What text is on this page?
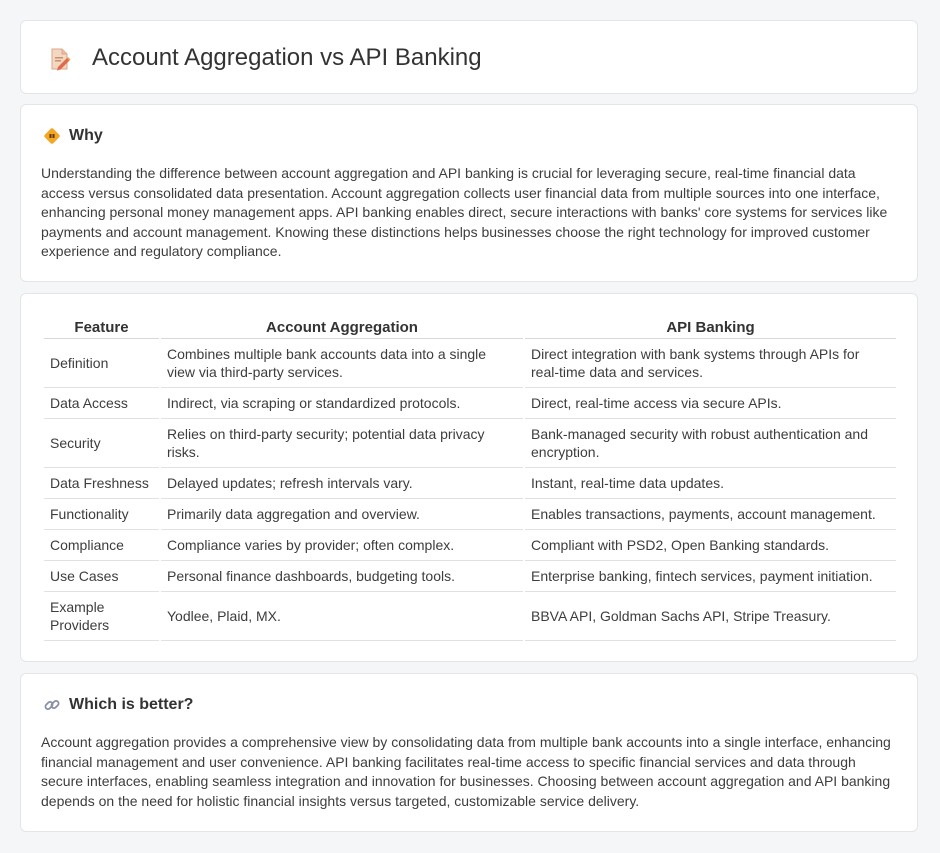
Account Aggregation vs API Banking
Why

Understanding the difference between account aggregation and API banking is crucial for leveraging secure, real-time financial data access versus consolidated data presentation. Account aggregation collects user financial data from multiple sources into one interface, enhancing personal money management apps. API banking enables direct, secure interactions with banks' core systems for services like payments and account management. Knowing these distinctions helps businesses choose the right technology for improved customer experience and regulatory compliance.

Feature	Account Aggregation	API Banking
Definition	Combines multiple bank accounts data into a single view via third-party services.	Direct integration with bank systems through APIs for real-time data and services.
Data Access	Indirect, via scraping or standardized protocols.	Direct, real-time access via secure APIs.
Security	Relies on third-party security; potential data privacy risks.	Bank-managed security with robust authentication and encryption.
Data Freshness	Delayed updates; refresh intervals vary.	Instant, real-time data updates.
Functionality	Primarily data aggregation and overview.	Enables transactions, payments, account management.
Compliance	Compliance varies by provider; often complex.	Compliant with PSD2, Open Banking standards.
Use Cases	Personal finance dashboards, budgeting tools.	Enterprise banking, fintech services, payment initiation.
Example Providers	Yodlee, Plaid, MX.	BBVA API, Goldman Sachs API, Stripe Treasury.
Which is better?

Account aggregation provides a comprehensive view by consolidating data from multiple bank accounts into a single interface, enhancing financial management and user convenience. API banking facilitates real-time access to specific financial services and data through secure interfaces, enabling seamless integration and innovation for businesses. Choosing between account aggregation and API banking depends on the need for holistic financial insights versus targeted, customizable service delivery.
